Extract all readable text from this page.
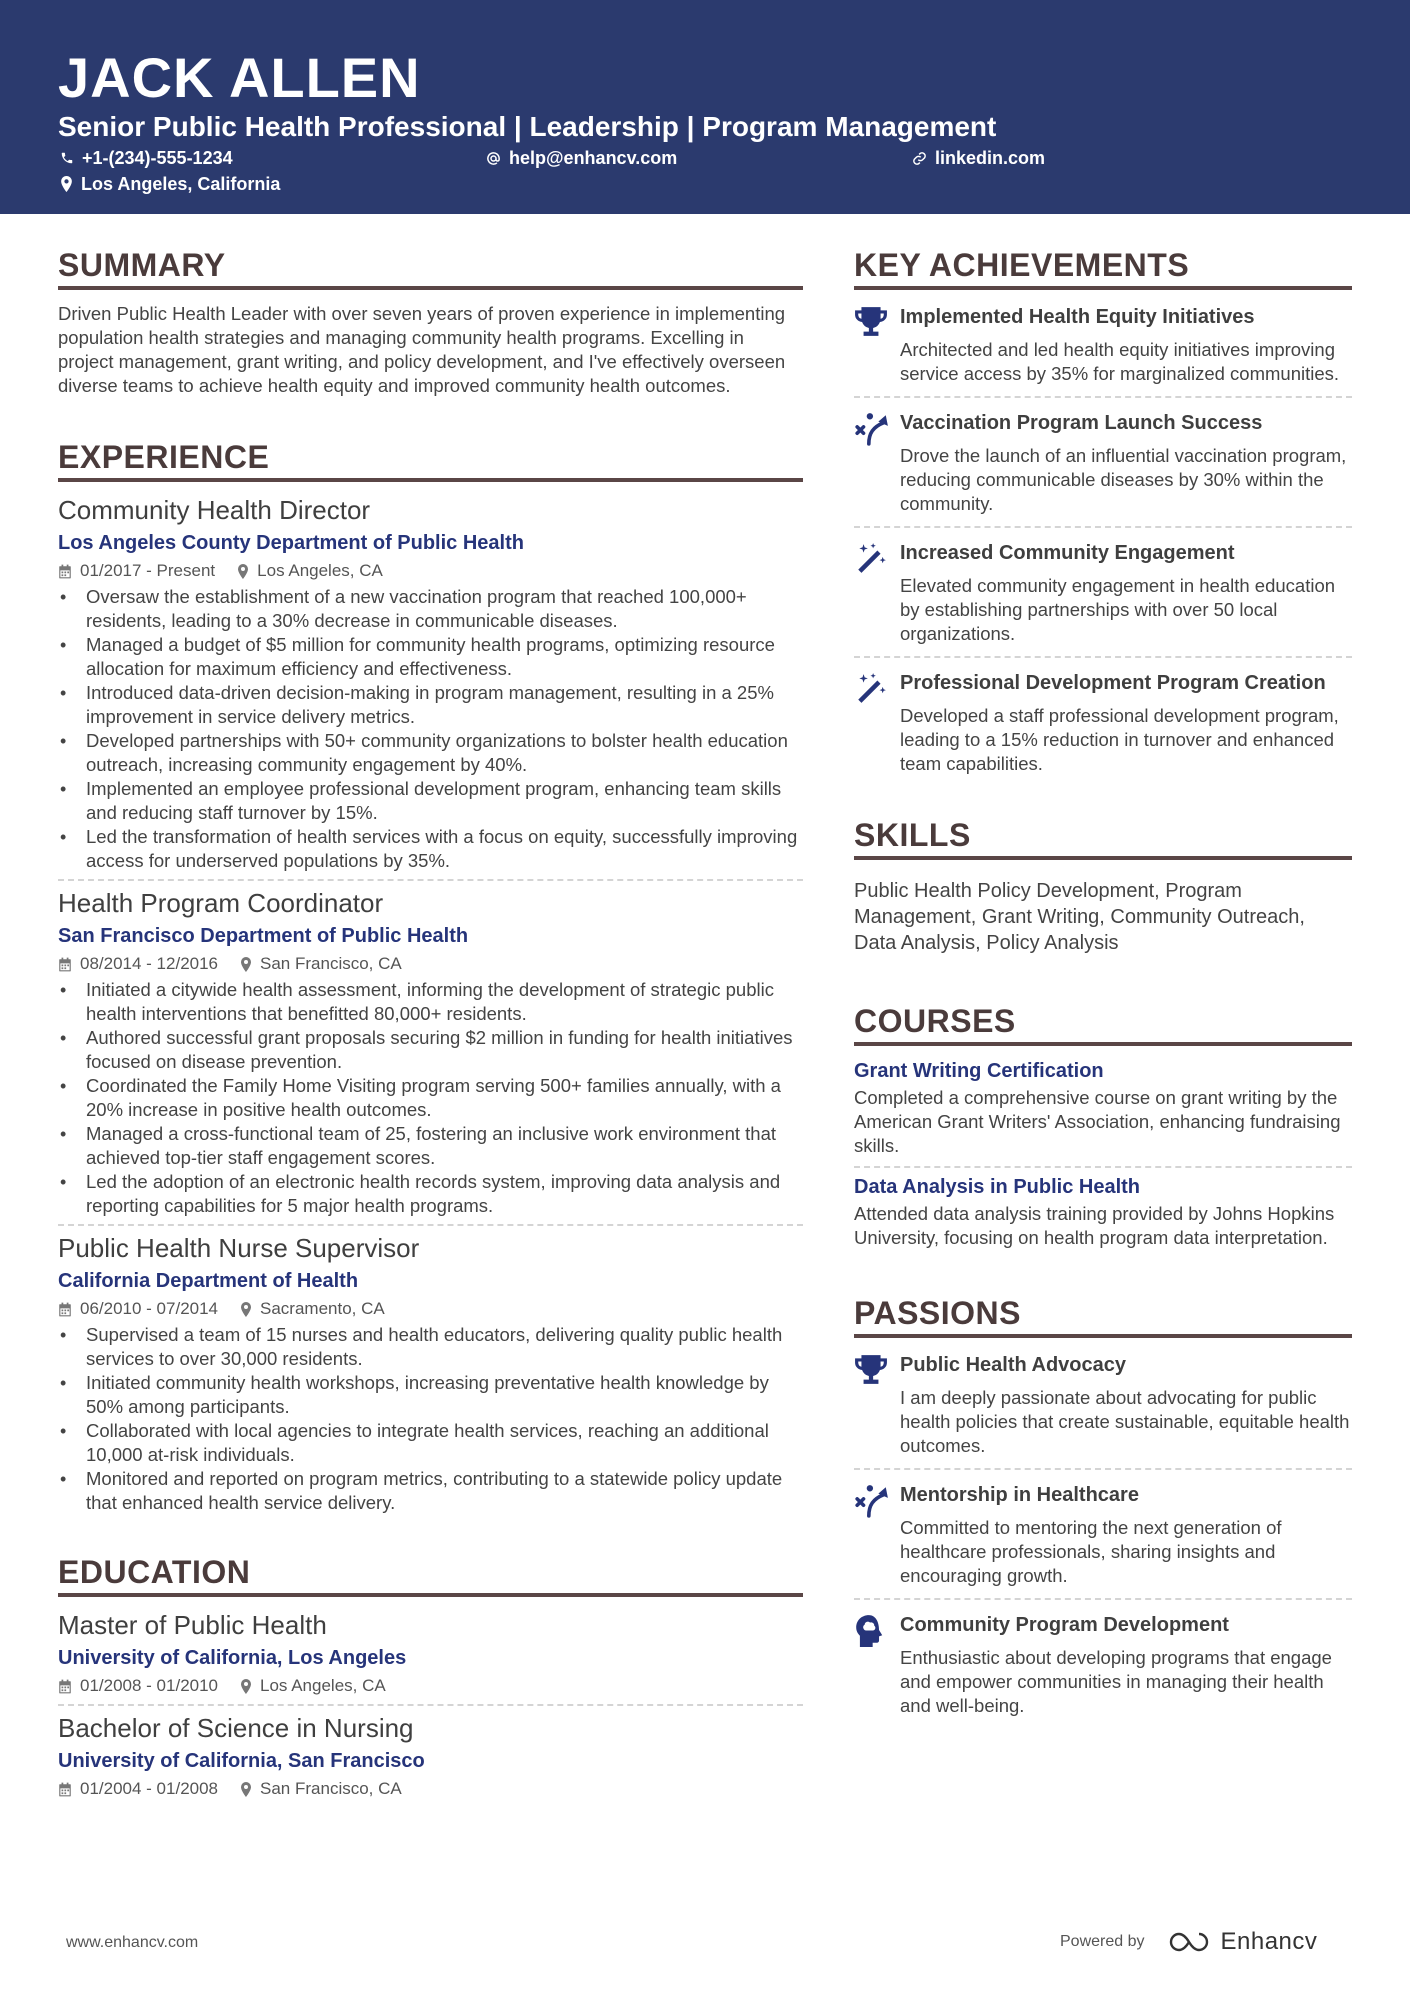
JACK ALLEN
Senior Public Health Professional | Leadership | Program Management
+1-(234)-555-1234	help@enhancv.com	linkedin.com
Los Angeles, California
SUMMARY
Driven Public Health Leader with over seven years of proven experience in implementing population health strategies and managing community health programs. Excelling in project management, grant writing, and policy development, and I've effectively overseen diverse teams to achieve health equity and improved community health outcomes.
EXPERIENCE
Community Health Director
Los Angeles County Department of Public Health
01/2017 - Present Los Angeles, CA
• Oversaw the establishment of a new vaccination program that reached 100,000+ residents, leading to a 30% decrease in communicable diseases.
• Managed a budget of $5 million for community health programs, optimizing resource allocation for maximum efficiency and effectiveness.
• Introduced data-driven decision-making in program management, resulting in a 25% improvement in service delivery metrics.
• Developed partnerships with 50+ community organizations to bolster health education outreach, increasing community engagement by 40%.
• Implemented an employee professional development program, enhancing team skills and reducing staff turnover by 15%.
• Led the transformation of health services with a focus on equity, successfully improving access for underserved populations by 35%.
Health Program Coordinator
San Francisco Department of Public Health
08/2014 - 12/2016 San Francisco, CA
• Initiated a citywide health assessment, informing the development of strategic public health interventions that benefitted 80,000+ residents.
• Authored successful grant proposals securing $2 million in funding for health initiatives focused on disease prevention.
• Coordinated the Family Home Visiting program serving 500+ families annually, with a 20% increase in positive health outcomes.
• Managed a cross-functional team of 25, fostering an inclusive work environment that achieved top-tier staff engagement scores.
• Led the adoption of an electronic health records system, improving data analysis and reporting capabilities for 5 major health programs.
Public Health Nurse Supervisor
California Department of Health
06/2010 - 07/2014 Sacramento, CA
• Supervised a team of 15 nurses and health educators, delivering quality public health services to over 30,000 residents.
• Initiated community health workshops, increasing preventative health knowledge by 50% among participants.
• Collaborated with local agencies to integrate health services, reaching an additional 10,000 at-risk individuals.
• Monitored and reported on program metrics, contributing to a statewide policy update that enhanced health service delivery.
EDUCATION
Master of Public Health
University of California, Los Angeles
01/2008 - 01/2010 Los Angeles, CA
Bachelor of Science in Nursing
University of California, San Francisco
01/2004 - 01/2008 San Francisco, CA
KEY ACHIEVEMENTS
Implemented Health Equity Initiatives
Architected and led health equity initiatives improving service access by 35% for marginalized communities.
Vaccination Program Launch Success
Drove the launch of an influential vaccination program, reducing communicable diseases by 30% within the community.
Increased Community Engagement
Elevated community engagement in health education by establishing partnerships with over 50 local organizations.
Professional Development Program Creation
Developed a staff professional development program, leading to a 15% reduction in turnover and enhanced team capabilities.
SKILLS
Public Health Policy Development, Program Management, Grant Writing, Community Outreach, Data Analysis, Policy Analysis
COURSES
Grant Writing Certification
Completed a comprehensive course on grant writing by the American Grant Writers' Association, enhancing fundraising skills.
Data Analysis in Public Health
Attended data analysis training provided by Johns Hopkins University, focusing on health program data interpretation.
PASSIONS
Public Health Advocacy
I am deeply passionate about advocating for public health policies that create sustainable, equitable health outcomes.
Mentorship in Healthcare
Committed to mentoring the next generation of healthcare professionals, sharing insights and encouraging growth.
Community Program Development
Enthusiastic about developing programs that engage and empower communities in managing their health and well-being.
www.enhancv.com	Powered by	Enhancv
